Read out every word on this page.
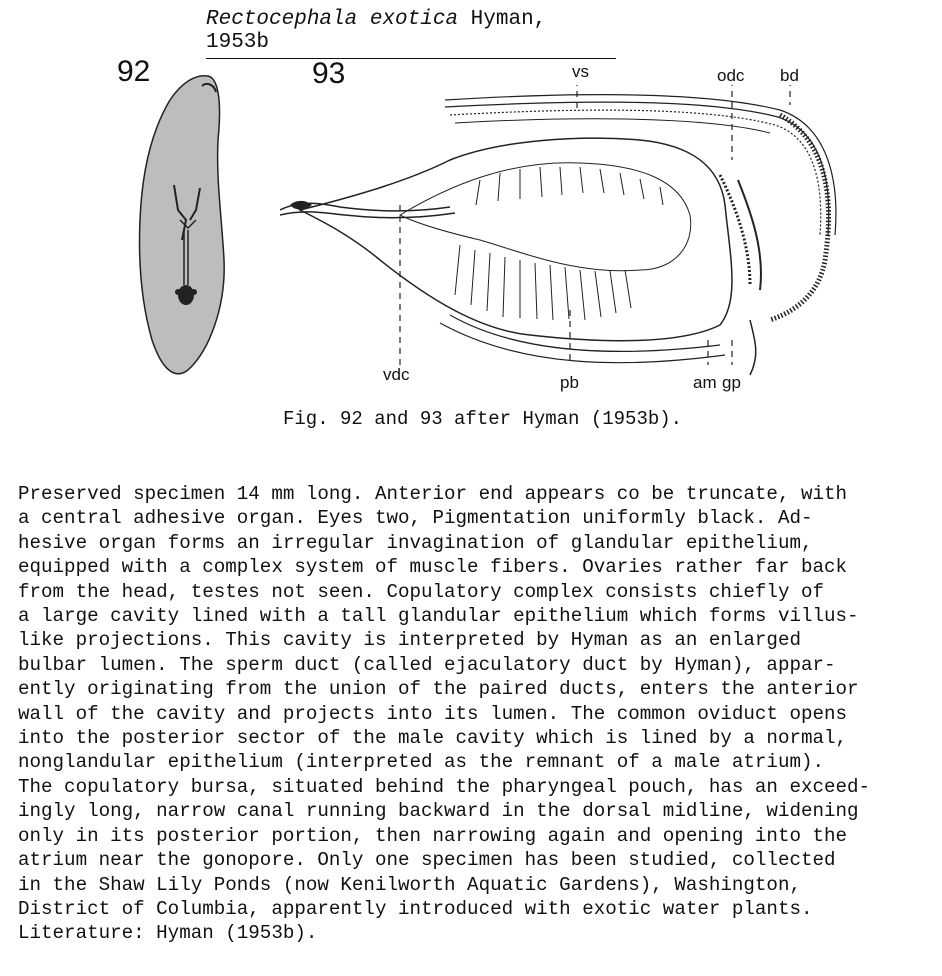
Rectocephala exotica Hyman, 1953b
92	93	vs	odc bd
vdc	pb	am gp
Fig. 92 and 93 after Hyman (1953b).
Preserved specimen 14 mm long. Anterior end appears co be truncate, with
a central adhesive organ. Eyes two, Pigmentation uniformly black. Ad-
hesive organ forms an irregular invagination of glandular epithelium,
equipped with a complex system of muscle fibers. Ovaries rather far back
from the head, testes not seen. Copulatory complex consists chiefly of
a large cavity lined with a tall glandular epithelium which forms villus-
like projections. This cavity is interpreted by Hyman as an enlarged
bulbar lumen. The sperm duct (called ejaculatory duct by Hyman), appar-
ently originating from the union of the paired ducts, enters the anterior
wall of the cavity and projects into its lumen. The common oviduct opens
into the posterior sector of the male cavity which is lined by a normal,
nonglandular epithelium (interpreted as the remnant of a male atrium).
The copulatory bursa, situated behind the pharyngeal pouch, has an exceed-
ingly long, narrow canal running backward in the dorsal midline, widening
only in its posterior portion, then narrowing again and opening into the
atrium near the gonopore. Only one specimen has been studied, collected
in the Shaw Lily Ponds (now Kenilworth Aquatic Gardens), Washington,
District of Columbia, apparently introduced with exotic water plants.
Literature: Hyman (1953b).
